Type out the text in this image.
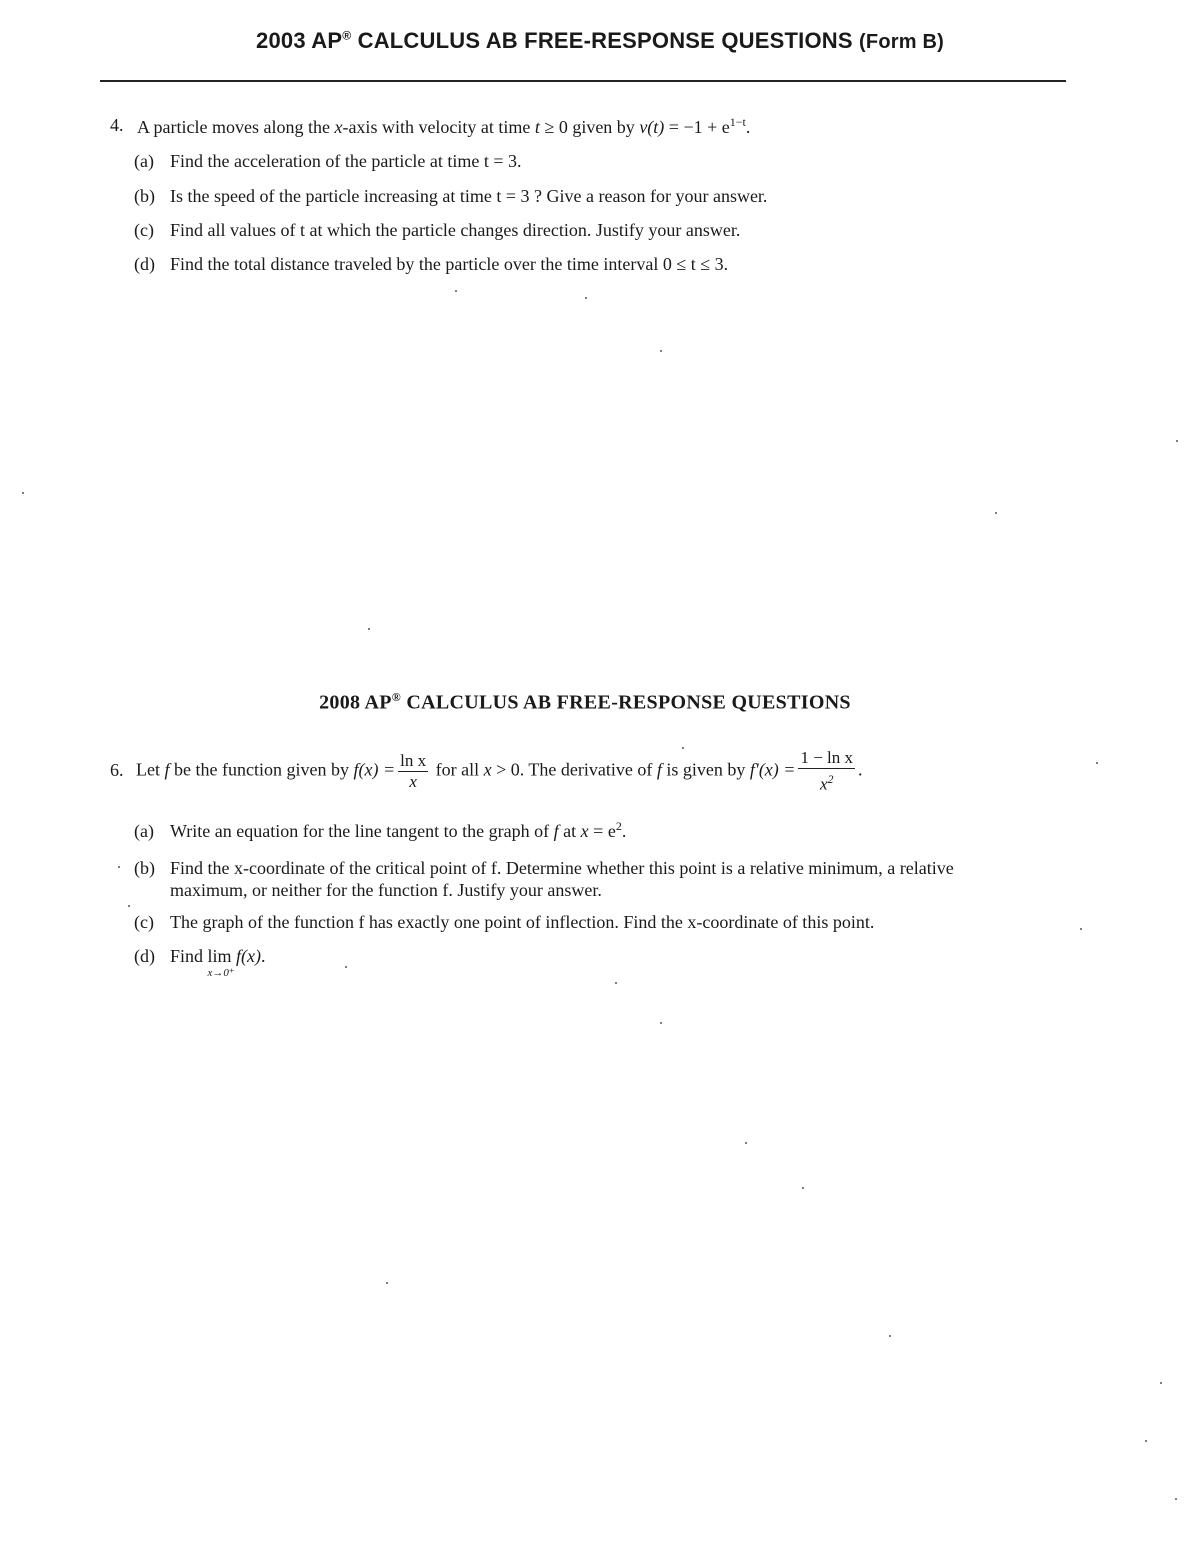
2003 AP® CALCULUS AB FREE-RESPONSE QUESTIONS (Form B)
4. A particle moves along the x-axis with velocity at time t ≥ 0 given by $v(t) = -1 + e^{1-t}$.
(a) Find the acceleration of the particle at time t = 3.
(b) Is the speed of the particle increasing at time t = 3 ? Give a reason for your answer.
(c) Find all values of t at which the particle changes direction. Justify your answer.
(d) Find the total distance traveled by the particle over the time interval 0 ≤ t ≤ 3.
2008 AP® CALCULUS AB FREE-RESPONSE QUESTIONS
6. Let f be the function given by $f(x) = \frac{\text{ln x}}{x}$ for all x > 0. The derivative of f is given by $f'(x) = \frac{\text{1 − ln x}}{x^2}$ .
(a) Write an equation for the line tangent to the graph of f at $x = e^2$.
(b) Find the x-coordinate of the critical point of f. Determine whether this point is a relative minimum, a relative
maximum, or neither for the function f. Justify your answer.
(c) The graph of the function f has exactly one point of inflection. Find the x-coordinate of this point.
(d) Find lim
x→0⁺
f(x).
